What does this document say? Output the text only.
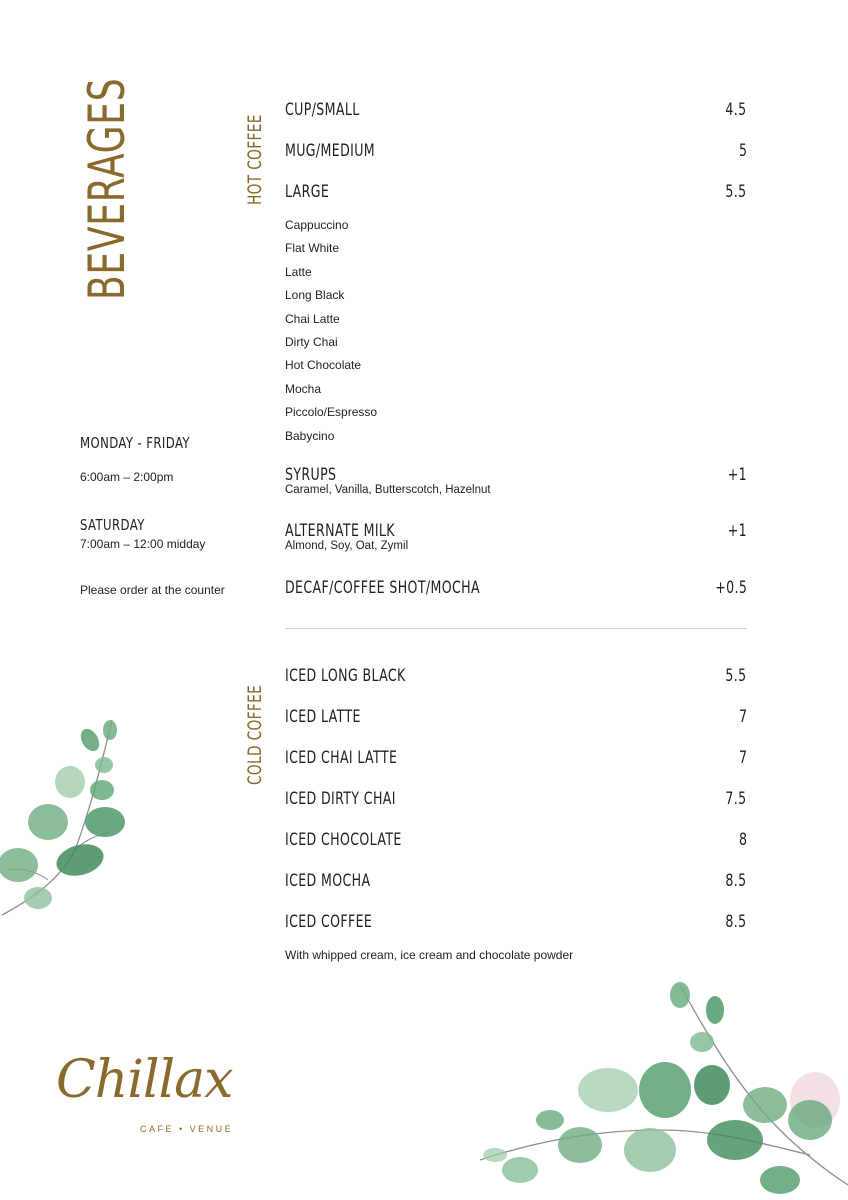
BEVERAGES	HOT COFFEE
COLD COFFEE
MONDAY - FRIDAY
6:00am – 2:00pm
SATURDAY
7:00am – 12:00 midday
Please order at the counter
CUP/SMALL	4.5
MUG/MEDIUM	5
LARGE	5.5
Cappuccino
Flat White
Latte
Long Black
Chai Latte
Dirty Chai
Hot Chocolate
Mocha
Piccolo/Espresso
Babycino
SYRUPS	+1
Caramel, Vanilla, Butterscotch, Hazelnut
ALTERNATE MILK	+1
Almond, Soy, Oat, Zymil
DECAF/COFFEE SHOT/MOCHA	+0.5
ICED LONG BLACK	5.5
ICED LATTE	7
ICED CHAI LATTE	7
ICED DIRTY CHAI	7.5
ICED CHOCOLATE	8
ICED MOCHA	8.5
ICED COFFEE	8.5
With whipped cream, ice cream and chocolate powder
Chillax
CAFE • VENUE
